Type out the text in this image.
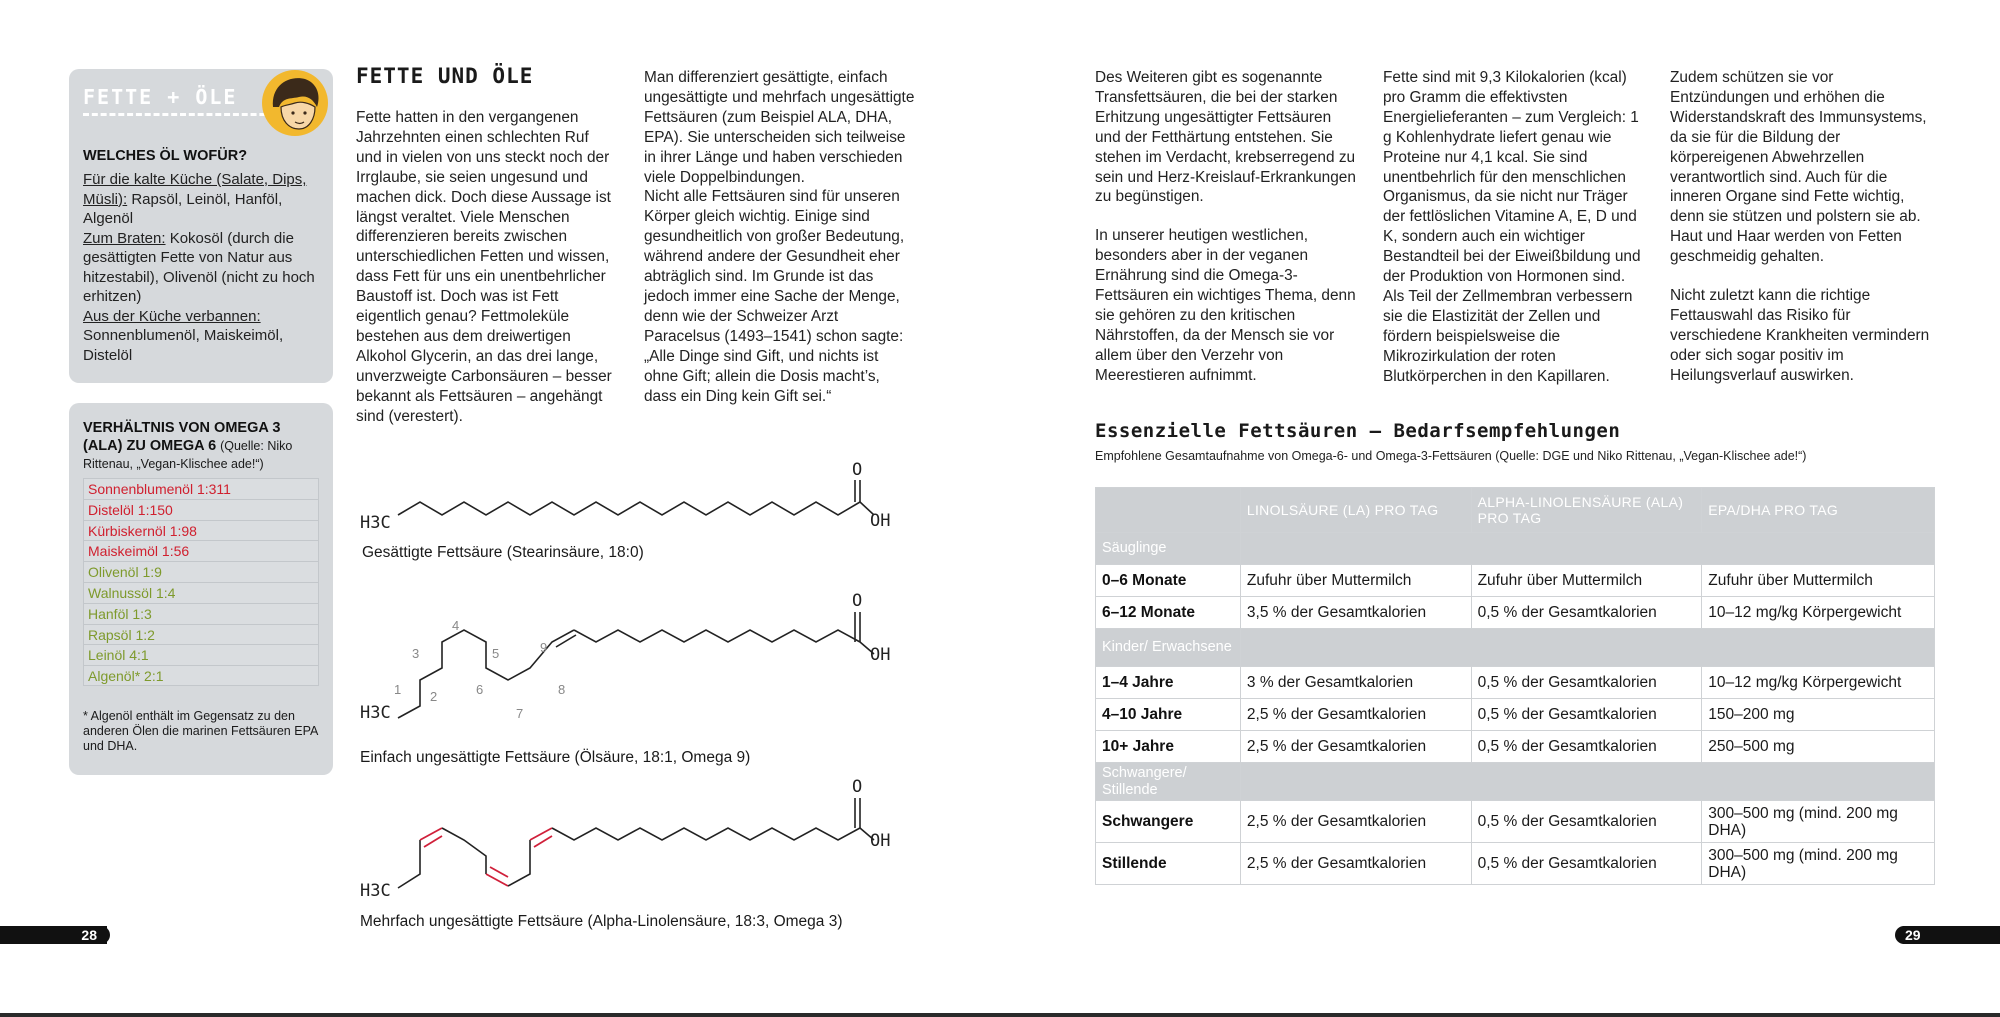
FETTE + ÖLE
WELCHES ÖL WOFÜR?
Für die kalte Küche (Salate, Dips, Müsli): Rapsöl, Leinöl, Hanföl, Algenöl
Zum Braten: Kokosöl (durch die gesättigten Fette von Natur aus hitzestabil), Olivenöl (nicht zu hoch erhitzen)
Aus der Küche verbannen:
Sonnenblumenöl, Maiskeimöl, Distelöl
VERHÄLTNIS VON OMEGA 3 (ALA) ZU OMEGA 6 (Quelle: Niko Rittenau, „Vegan-Klischee ade!“)
Sonnenblumenöl 1:311
Distelöl 1:150
Kürbiskernöl 1:98
Maiskeimöl 1:56
Olivenöl 1:9
Walnussöl 1:4
Hanföl 1:3
Rapsöl 1:2
Leinöl 4:1
Algenöl* 2:1
* Algenöl enthält im Gegensatz zu den anderen Ölen die marinen Fettsäuren EPA und DHA.
FETTE UND ÖLE
Fette hatten in den vergangenen Jahrzehnten einen schlechten Ruf und in vielen von uns steckt noch der Irrglaube, sie seien ungesund und machen dick. Doch diese Aussage ist längst veraltet. Viele Menschen differenzieren bereits zwischen unterschiedlichen Fetten und wissen, dass Fett für uns ein unentbehrlicher Baustoff ist. Doch was ist Fett eigentlich genau? Fettmoleküle bestehen aus dem dreiwertigen Alkohol Glycerin, an das drei lange, unverzweigte Carbonsäuren – besser bekannt als Fettsäuren – angehängt sind (verestert).
Man differenziert gesättigte, einfach ungesättigte und mehrfach ungesättigte Fettsäuren (zum Beispiel ALA, DHA, EPA). Sie unterscheiden sich teilweise in ihrer Länge und haben verschieden viele Doppelbindungen.
Nicht alle Fettsäuren sind für unseren Körper gleich wichtig. Einige sind gesundheitlich von großer Bedeutung, während andere der Gesundheit eher abträglich sind. Im Grunde ist das jedoch immer eine Sache der Menge, denn wie der Schweizer Arzt Paracelsus (1493–1541) schon sagte: „Alle Dinge sind Gift, und nichts ist ohne Gift; allein die Dosis macht’s, dass ein Ding kein Gift sei.“
H3C
O
OH
Gesättigte Fettsäure (Stearinsäure, 18:0)
H3C
O
OH
1 2
3
4
5
6
7
8
9
Einfach ungesättigte Fettsäure (Ölsäure, 18:1, Omega 9)
H3C
O
OH
Mehrfach ungesättigte Fettsäure (Alpha-Linolensäure, 18:3, Omega 3)
28
Des Weiteren gibt es sogenannte Transfettsäuren, die bei der starken Erhitzung ungesättigter Fettsäuren und der Fetthärtung entstehen. Sie stehen im Verdacht, krebserregend zu sein und Herz-Kreislauf-Erkrankungen zu begünstigen.
In unserer heutigen westlichen, besonders aber in der veganen Ernährung sind die Omega-3-Fettsäuren ein wichtiges Thema, denn sie gehören zu den kritischen Nährstoffen, da der Mensch sie vor allem über den Verzehr von Meerestieren aufnimmt.
Fette sind mit 9,3 Kilokalorien (kcal) pro Gramm die effektivsten Energielieferanten – zum Vergleich: 1 g Kohlenhydrate liefert genau wie Proteine nur 4,1 kcal. Sie sind unentbehrlich für den menschlichen Organismus, da sie nicht nur Träger der fettlöslichen Vitamine A, E, D und K, sondern auch ein wichtiger Bestandteil bei der Eiweißbildung und der Produktion von Hormonen sind. Als Teil der Zellmembran verbessern sie die Elastizität der Zellen und fördern beispielsweise die Mikrozirkulation der roten Blutkörperchen in den Kapillaren.
Zudem schützen sie vor Entzündungen und erhöhen die Widerstandskraft des Immunsystems, da sie für die Bildung der körpereigenen Abwehrzellen verantwortlich sind. Auch für die inneren Organe sind Fette wichtig, denn sie stützen und polstern sie ab. Haut und Haar werden von Fetten geschmeidig gehalten.
Nicht zuletzt kann die richtige Fettauswahl das Risiko für verschiedene Krankheiten vermindern oder sich sogar positiv im Heilungsverlauf auswirken.
Essenzielle Fettsäuren – Bedarfsempfehlungen
Empfohlene Gesamtaufnahme von Omega-6- und Omega-3-Fettsäuren (Quelle: DGE und Niko Rittenau, „Vegan-Klischee ade!“)
	LINOLSÄURE (LA) PRO TAG	ALPHA-LINOLENSÄURE (ALA) PRO TAG	EPA/DHA PRO TAG
Säuglinge			
0–6 Monate	Zufuhr über Muttermilch	Zufuhr über Muttermilch	Zufuhr über Muttermilch
6–12 Monate	3,5 % der Gesamtkalorien	0,5 % der Gesamtkalorien	10–12 mg/kg Körpergewicht
Kinder/ Erwachsene			
1–4 Jahre	3 % der Gesamtkalorien	0,5 % der Gesamtkalorien	10–12 mg/kg Körpergewicht
4–10 Jahre	2,5 % der Gesamtkalorien	0,5 % der Gesamtkalorien	150–200 mg
10+ Jahre	2,5 % der Gesamtkalorien	0,5 % der Gesamtkalorien	250–500 mg
Schwangere/ Stillende			
Schwangere	2,5 % der Gesamtkalorien	0,5 % der Gesamtkalorien	300–500 mg (mind. 200 mg DHA)
Stillende	2,5 % der Gesamtkalorien	0,5 % der Gesamtkalorien	300–500 mg (mind. 200 mg DHA)
29
